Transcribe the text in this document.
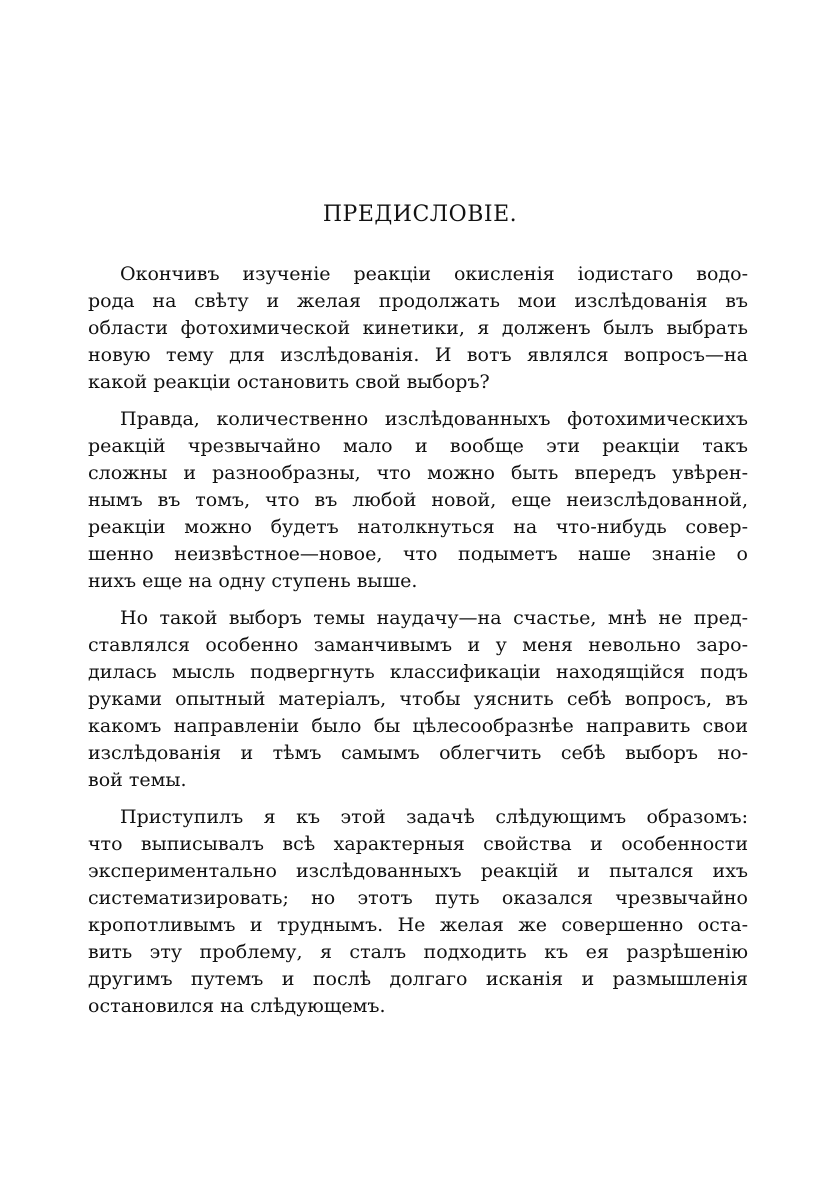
ПРЕДИСЛОВІЕ.
Окончивъ изученіе реакціи окисленія іодистаго водо-
рода на свѣту и желая продолжать мои изслѣдованія въ
области фотохимической кинетики, я долженъ былъ выбрать
новую тему для изслѣдованія. И вотъ являлся вопросъ—на
какой реакціи остановить свой выборъ?
Правда, количественно изслѣдованныхъ фотохимическихъ
реакцій чрезвычайно мало и вообще эти реакціи такъ
сложны и разнообразны, что можно быть впередъ увѣрен-
нымъ въ томъ, что въ любой новой, еще неизслѣдованной,
реакціи можно будетъ натолкнуться на что-нибудь совер-
шенно неизвѣстное—новое, что подыметъ наше знаніе о
нихъ еще на одну ступень выше.
Но такой выборъ темы наудачу—на счастье, мнѣ не пред-
ставлялся особенно заманчивымъ и у меня невольно заро-
дилась мысль подвергнуть классификаціи находящійся подъ
руками опытный матеріалъ, чтобы уяснить себѣ вопросъ, въ
какомъ направленіи было бы цѣлесообразнѣе направить свои
изслѣдованія и тѣмъ самымъ облегчить себѣ выборъ но-
вой темы.
Приступилъ я къ этой задачѣ слѣдующимъ образомъ:
что выписывалъ всѣ характерныя свойства и особенности
экспериментально изслѣдованныхъ реакцій и пытался ихъ
систематизировать; но этотъ путь оказался чрезвычайно
кропотливымъ и труднымъ. Не желая же совершенно оста-
вить эту проблему, я сталъ подходить къ ея разрѣшенію
другимъ путемъ и послѣ долгаго исканія и размышленія
остановился на слѣдующемъ.
